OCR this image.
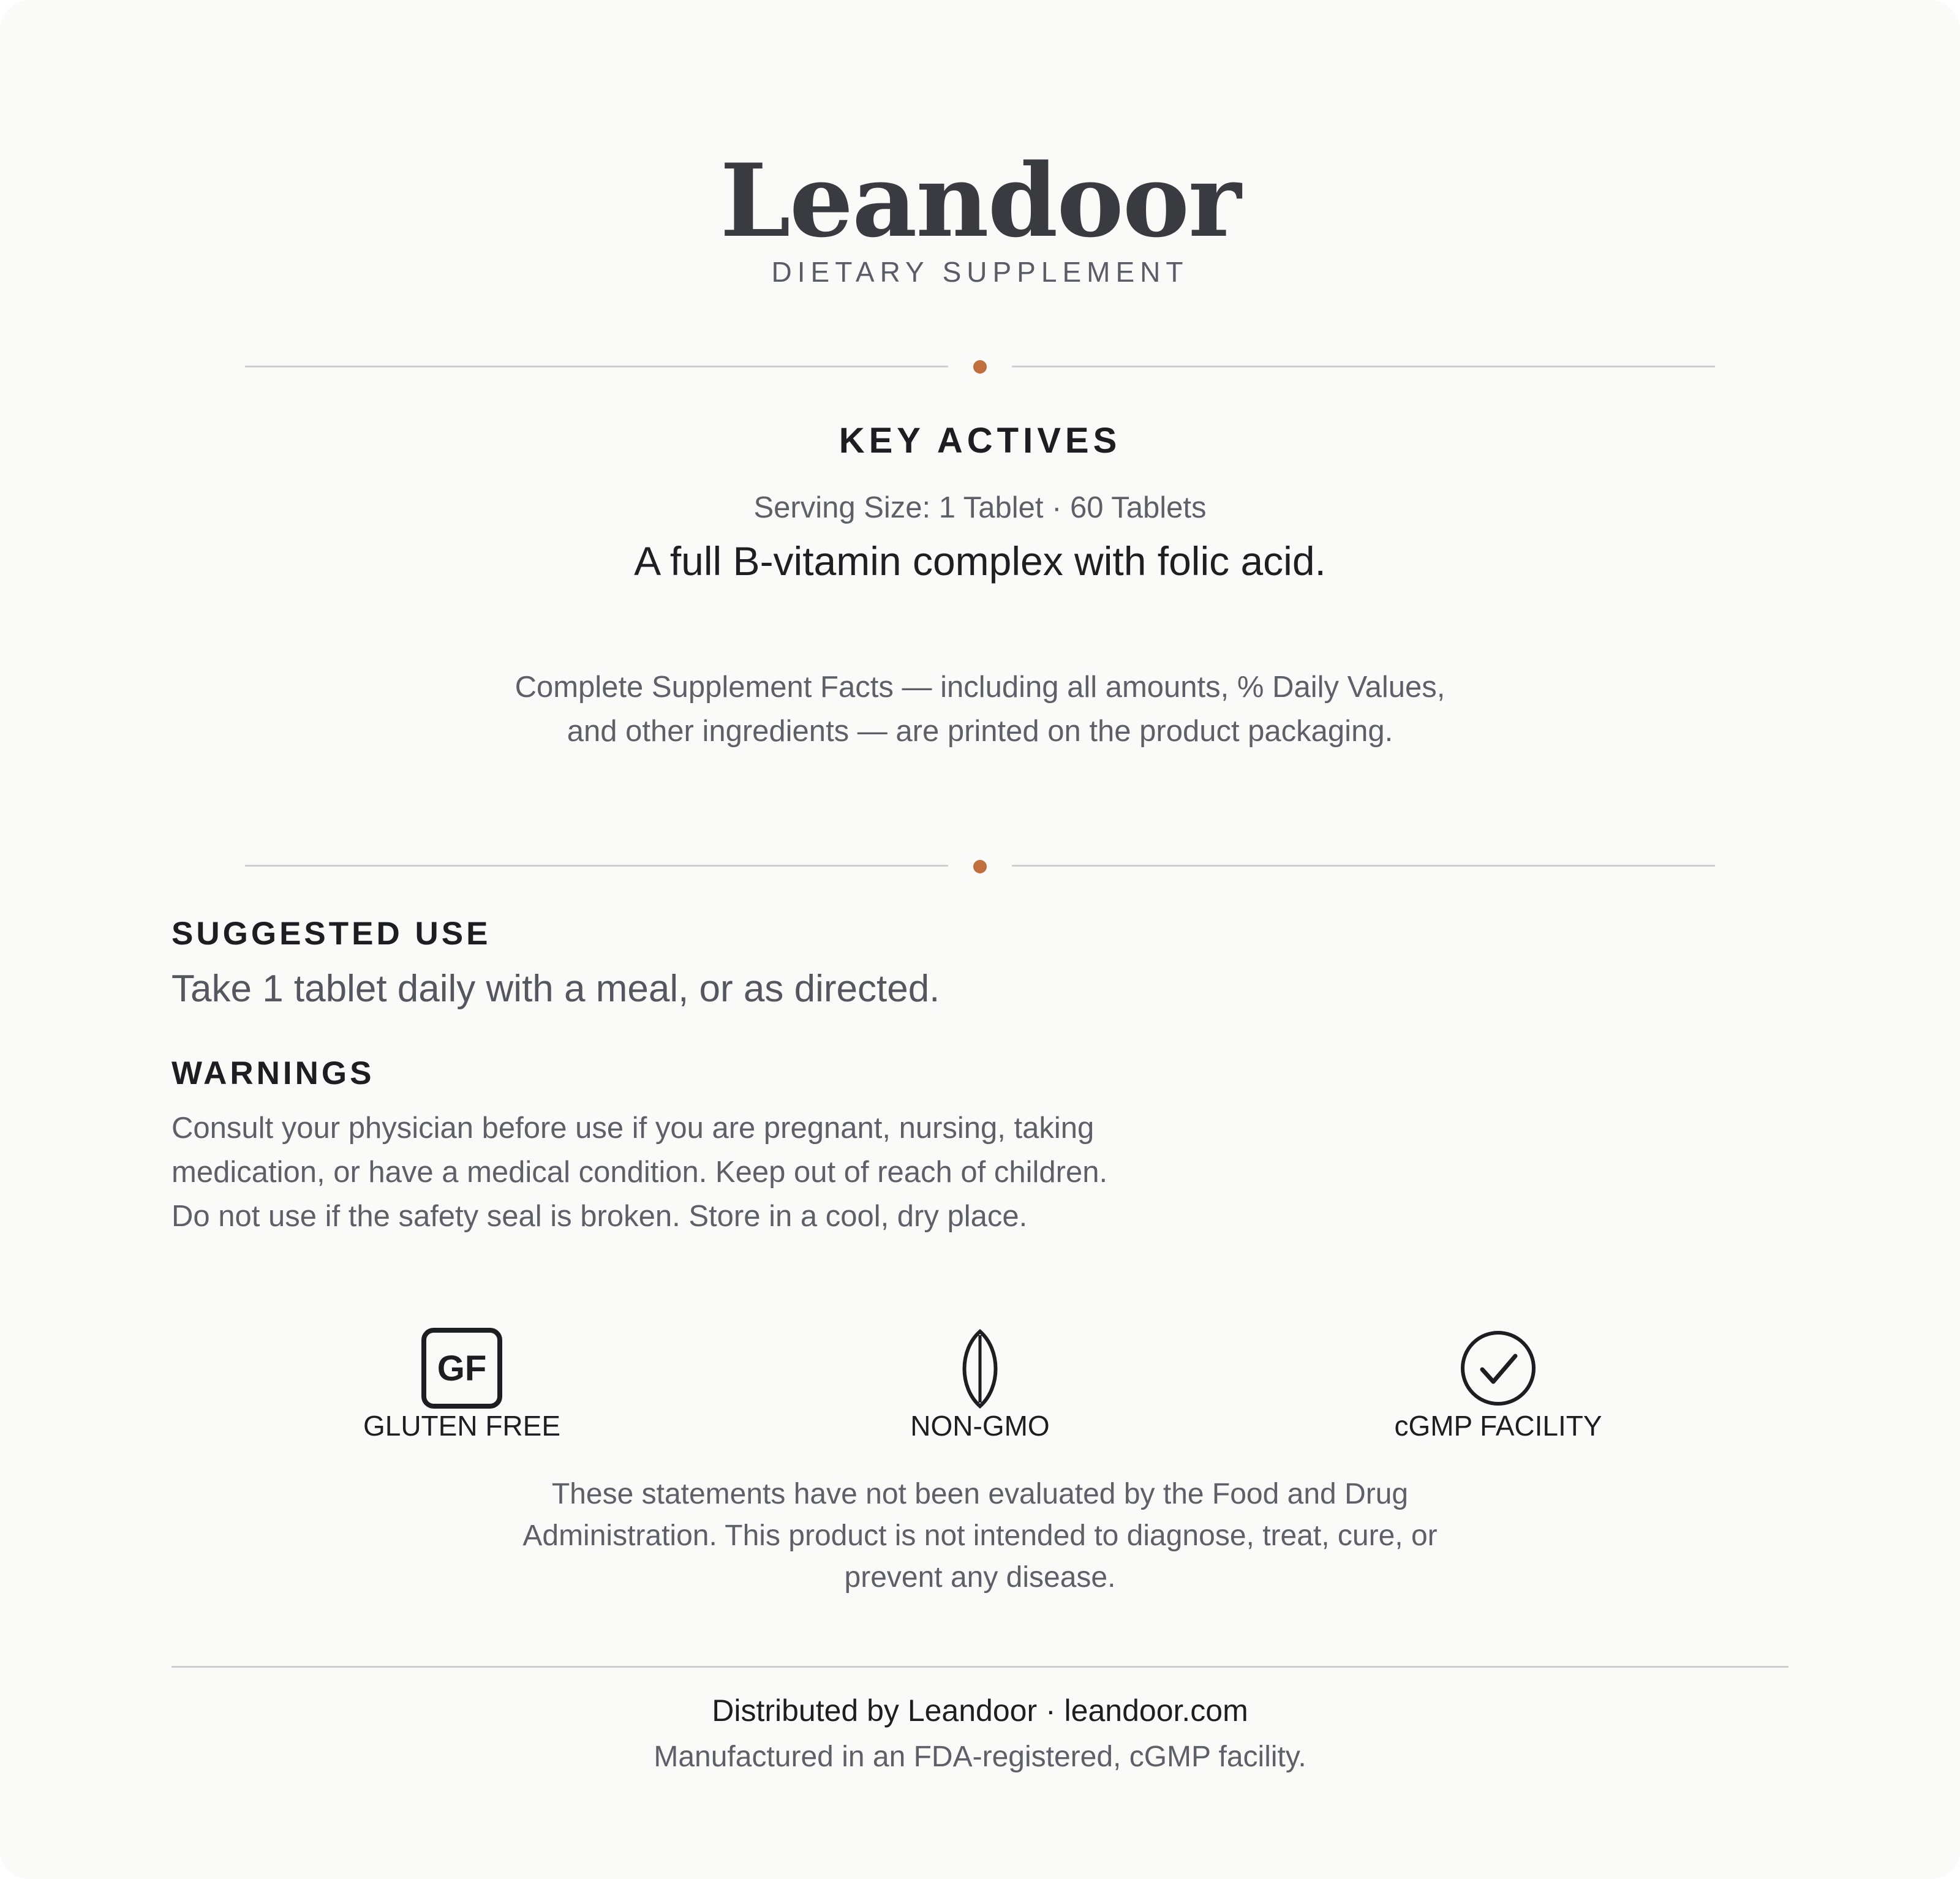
Leandoor
DIETARY SUPPLEMENT
KEY ACTIVES
Serving Size: 1 Tablet · 60 Tablets
A full B-vitamin complex with folic acid.
Complete Supplement Facts — including all amounts, % Daily Values, and other ingredients — are printed on the product packaging.
SUGGESTED USE
Take 1 tablet daily with a meal, or as directed.
WARNINGS
Consult your physician before use if you are pregnant, nursing, taking medication, or have a medical condition. Keep out of reach of children. Do not use if the safety seal is broken. Store in a cool, dry place.
GF
GLUTEN FREE	NON-GMO	cGMP FACILITY
These statements have not been evaluated by the Food and Drug Administration. This product is not intended to diagnose, treat, cure, or prevent any disease.
Distributed by Leandoor · leandoor.com
Manufactured in an FDA-registered, cGMP facility.
